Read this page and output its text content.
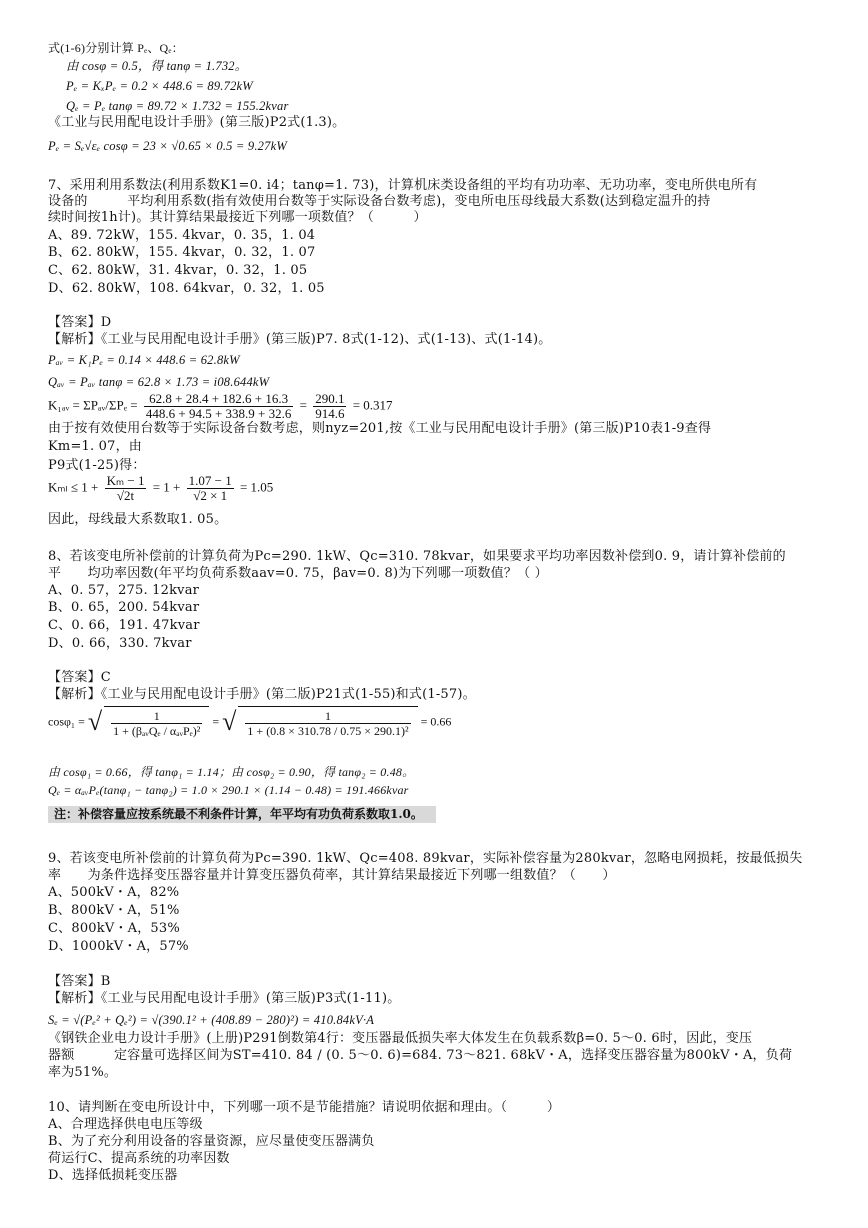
式(1-6)分别计算 Pₑ、Qₑ：
由 cosφ = 0.5，得 tanφ = 1.732。
Pₑ = KₓPₑ = 0.2 × 448.6 = 89.72kW
Qₑ = Pₑ tanφ = 89.72 × 1.732 = 155.2kvar
《工业与民用配电设计手册》(第三版)P2式(1.3)。
Pₑ = Sₑ√εₑ cosφ = 23 × √0.65 × 0.5 = 9.27kW
7、采用利用系数法(利用系数K1=0. i4；tanφ=1. 73)，计算机床类设备组的平均有功功率、无功功率，变电所供电所有
设备的　　　平均利用系数(指有效使用台数等于实际设备台数考虑)，变电所电压母线最大系数(达到稳定温升的持
续时间按1h计)。其计算结果最接近下列哪一项数值？（　　　）
A、89. 72kW，155. 4kvar，0. 35，1. 04
B、62. 80kW，155. 4kvar，0. 32，1. 07
C、62. 80kW，31. 4kvar，0. 32，1. 05
D、62. 80kW，108. 64kvar，0. 32，1. 05
【答案】D
【解析】《工业与民用配电设计手册》(第三版)P7. 8式(1-12)、式(1-13)、式(1-14)。
Pₐᵥ = K₁Pₑ = 0.14 × 448.6 = 62.8kW
Qₐᵥ = Pₐᵥ tanφ = 62.8 × 1.73 = i08.644kW
K₁ₐᵥ = ΣPₐᵥ/ΣPₑ = $\frac{62.8 + 28.4 + 182.6 + 16.3}{448.6 + 94.5 + 338.9 + 32.6} = \frac{290.1}{914.6} = 0.317$
由于按有效使用台数等于实际设备台数考虑，则nyz=201,按《工业与民用配电设计手册》(第三版)P10表1-9查得
Km=1. 07，由
P9式(1-25)得：
$K_{ml} \le 1 + \frac{\text{Kₘ − 1}}{√2t} = 1 + \frac{1.07 - 1}{√2 \times 1} = 1.05$
因此，母线最大系数取1. 05。
8、若该变电所补偿前的计算负荷为Pc=290. 1kW、Qc=310. 78kvar，如果要求平均功率因数补偿到0. 9，请计算补偿前的
平　　均功率因数(年平均负荷系数aav=0. 75，βav=0. 8)为下列哪一项数值？（ ）
A、0. 57，275. 12kvar
B、0. 65，200. 54kvar
C、0. 66，191. 47kvar
D、0. 66，330. 7kvar
【答案】C
【解析】《工业与民用配电设计手册》(第二版)P21式(1-55)和式(1-57)。
cosφ₁ = √ $\frac{1}{\text{1 + (βₐᵥQₑ / αₐᵥPₑ)²}}$ = √ $\frac{1}{\text{1 + (0.8 × 310.78 / 0.75 × 290.1)²}} = 0.66$
由 cosφ₁ = 0.66，得 tanφ₁ = 1.14；由 cosφ₂ = 0.90，得 tanφ₂ = 0.48。
Qₑ = αₐᵥPₑ(tanφ₁ − tanφ₂) = 1.0 × 290.1 × (1.14 − 0.48) = 191.466kvar
注：补偿容量应按系统最不利条件计算，年平均有功负荷系数取1.0。
9、若该变电所补偿前的计算负荷为Pc=390. 1kW、Qc=408. 89kvar，实际补偿容量为280kvar，忽略电网损耗，按最低损失
率　　为条件选择变压器容量并计算变压器负荷率，其计算结果最接近下列哪一组数值？（　　）
A、500kV・A，82%
B、800kV・A，51%
C、800kV・A，53%
D、1000kV・A，57%
【答案】B
【解析】《工业与民用配电设计手册》(第三版)P3式(1-11)。
Sₑ = √(Pₑ² + Qₑ²) = √(390.1² + (408.89 − 280)²) = 410.84kV·A
《钢铁企业电力设计手册》(上册)P291倒数第4行：变压器最低损失率大体发生在负载系数β=0. 5～0. 6时，因此，变压
器额　　　定容量可选择区间为ST=410. 84 / (0. 5～0. 6)=684. 73～821. 68kV・A，选择变压器容量为800kV・A，负荷
率为51%。
10、请判断在变电所设计中，下列哪一项不是节能措施？请说明依据和理由。（　　　）
A、合理选择供电电压等级
B、为了充分利用设备的容量资源，应尽量使变压器满负
荷运行C、提高系统的功率因数
D、选择低损耗变压器
